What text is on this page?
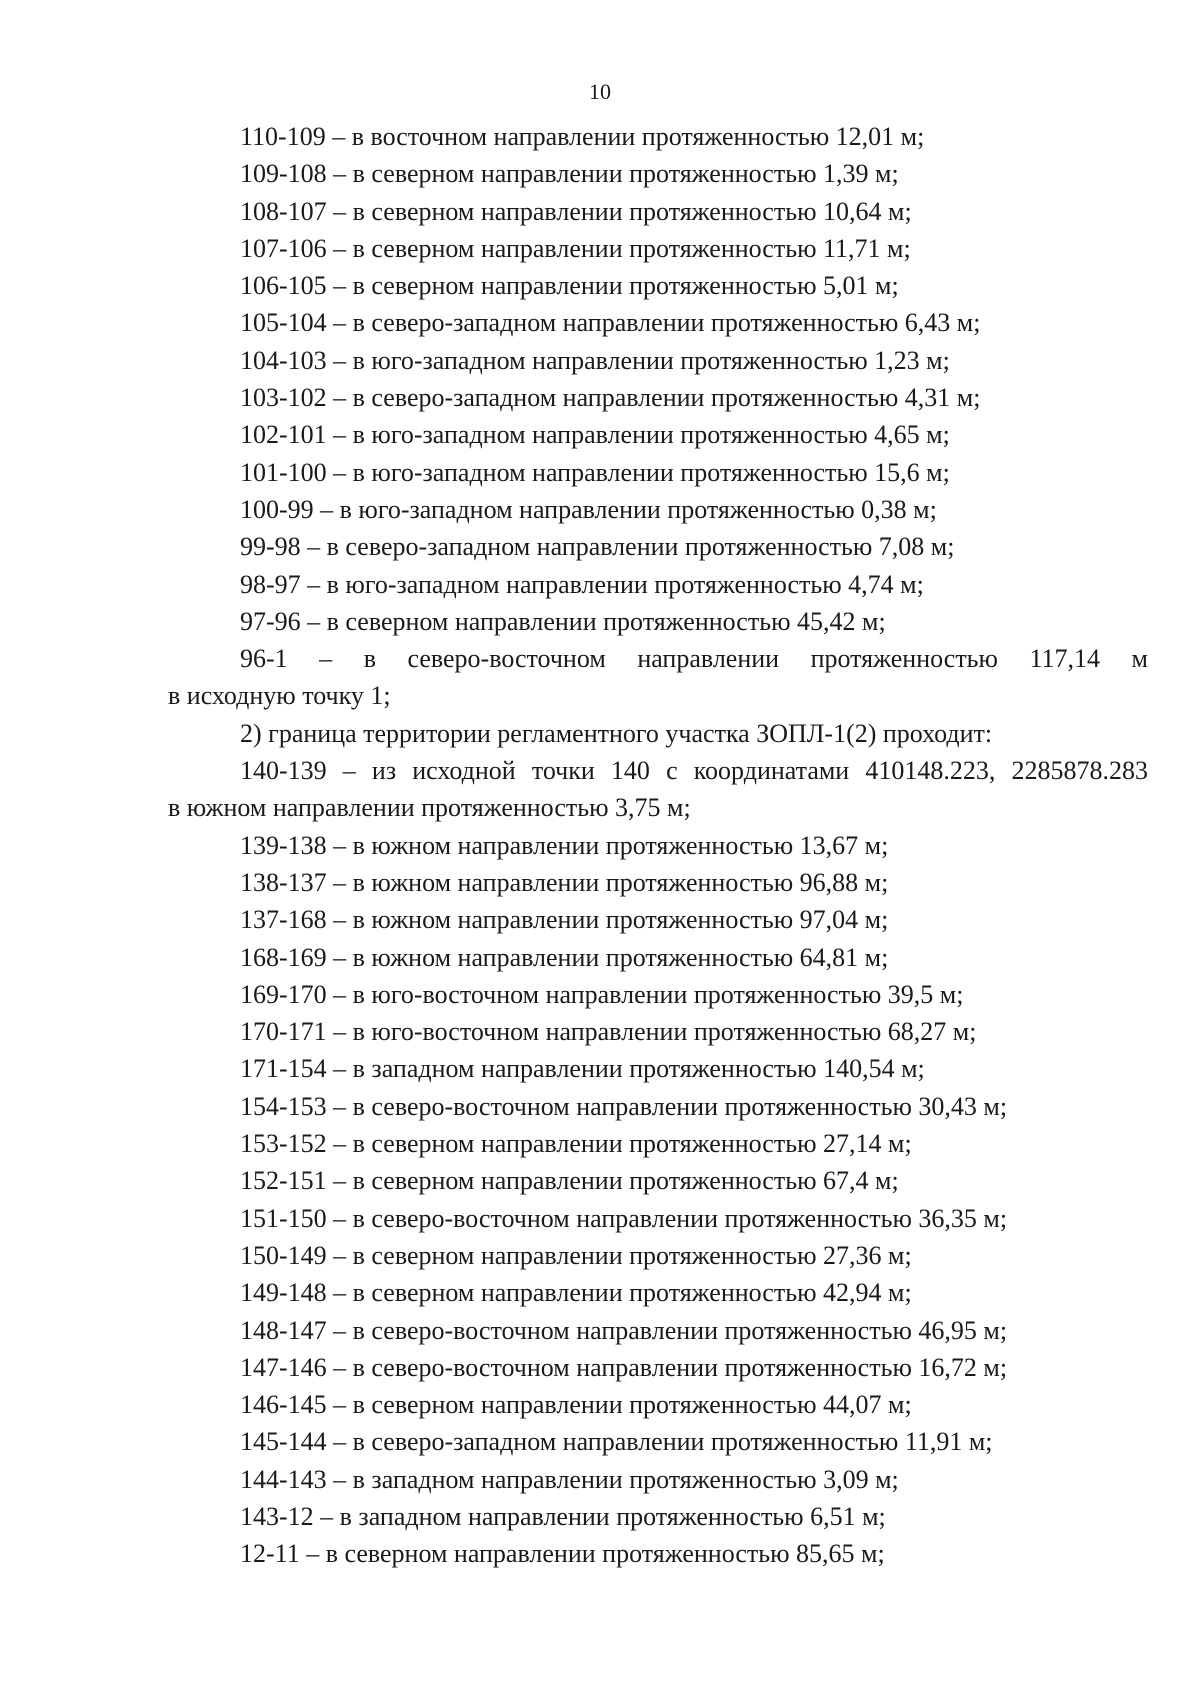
10
110-109 – в восточном направлении протяженностью 12,01 м;
109-108 – в северном направлении протяженностью 1,39 м;
108-107 – в северном направлении протяженностью 10,64 м;
107-106 – в северном направлении протяженностью 11,71 м;
106-105 – в северном направлении протяженностью 5,01 м;
105-104 – в северо-западном направлении протяженностью 6,43 м;
104-103 – в юго-западном направлении протяженностью 1,23 м;
103-102 – в северо-западном направлении протяженностью 4,31 м;
102-101 – в юго-западном направлении протяженностью 4,65 м;
101-100 – в юго-западном направлении протяженностью 15,6 м;
100-99 – в юго-западном направлении протяженностью 0,38 м;
99-98 – в северо-западном направлении протяженностью 7,08 м;
98-97 – в юго-западном направлении протяженностью 4,74 м;
97-96 – в северном направлении протяженностью 45,42 м;
96-1 – в северо-восточном направлении протяженностью 117,14 м
в исходную точку 1;
2) граница территории регламентного участка ЗОПЛ-1(2) проходит:
140-139 – из исходной точки 140 с координатами 410148.223, 2285878.283
в южном направлении протяженностью 3,75 м;
139-138 – в южном направлении протяженностью 13,67 м;
138-137 – в южном направлении протяженностью 96,88 м;
137-168 – в южном направлении протяженностью 97,04 м;
168-169 – в южном направлении протяженностью 64,81 м;
169-170 – в юго-восточном направлении протяженностью 39,5 м;
170-171 – в юго-восточном направлении протяженностью 68,27 м;
171-154 – в западном направлении протяженностью 140,54 м;
154-153 – в северо-восточном направлении протяженностью 30,43 м;
153-152 – в северном направлении протяженностью 27,14 м;
152-151 – в северном направлении протяженностью 67,4 м;
151-150 – в северо-восточном направлении протяженностью 36,35 м;
150-149 – в северном направлении протяженностью 27,36 м;
149-148 – в северном направлении протяженностью 42,94 м;
148-147 – в северо-восточном направлении протяженностью 46,95 м;
147-146 – в северо-восточном направлении протяженностью 16,72 м;
146-145 – в северном направлении протяженностью 44,07 м;
145-144 – в северо-западном направлении протяженностью 11,91 м;
144-143 – в западном направлении протяженностью 3,09 м;
143-12 – в западном направлении протяженностью 6,51 м;
12-11 – в северном направлении протяженностью 85,65 м;
